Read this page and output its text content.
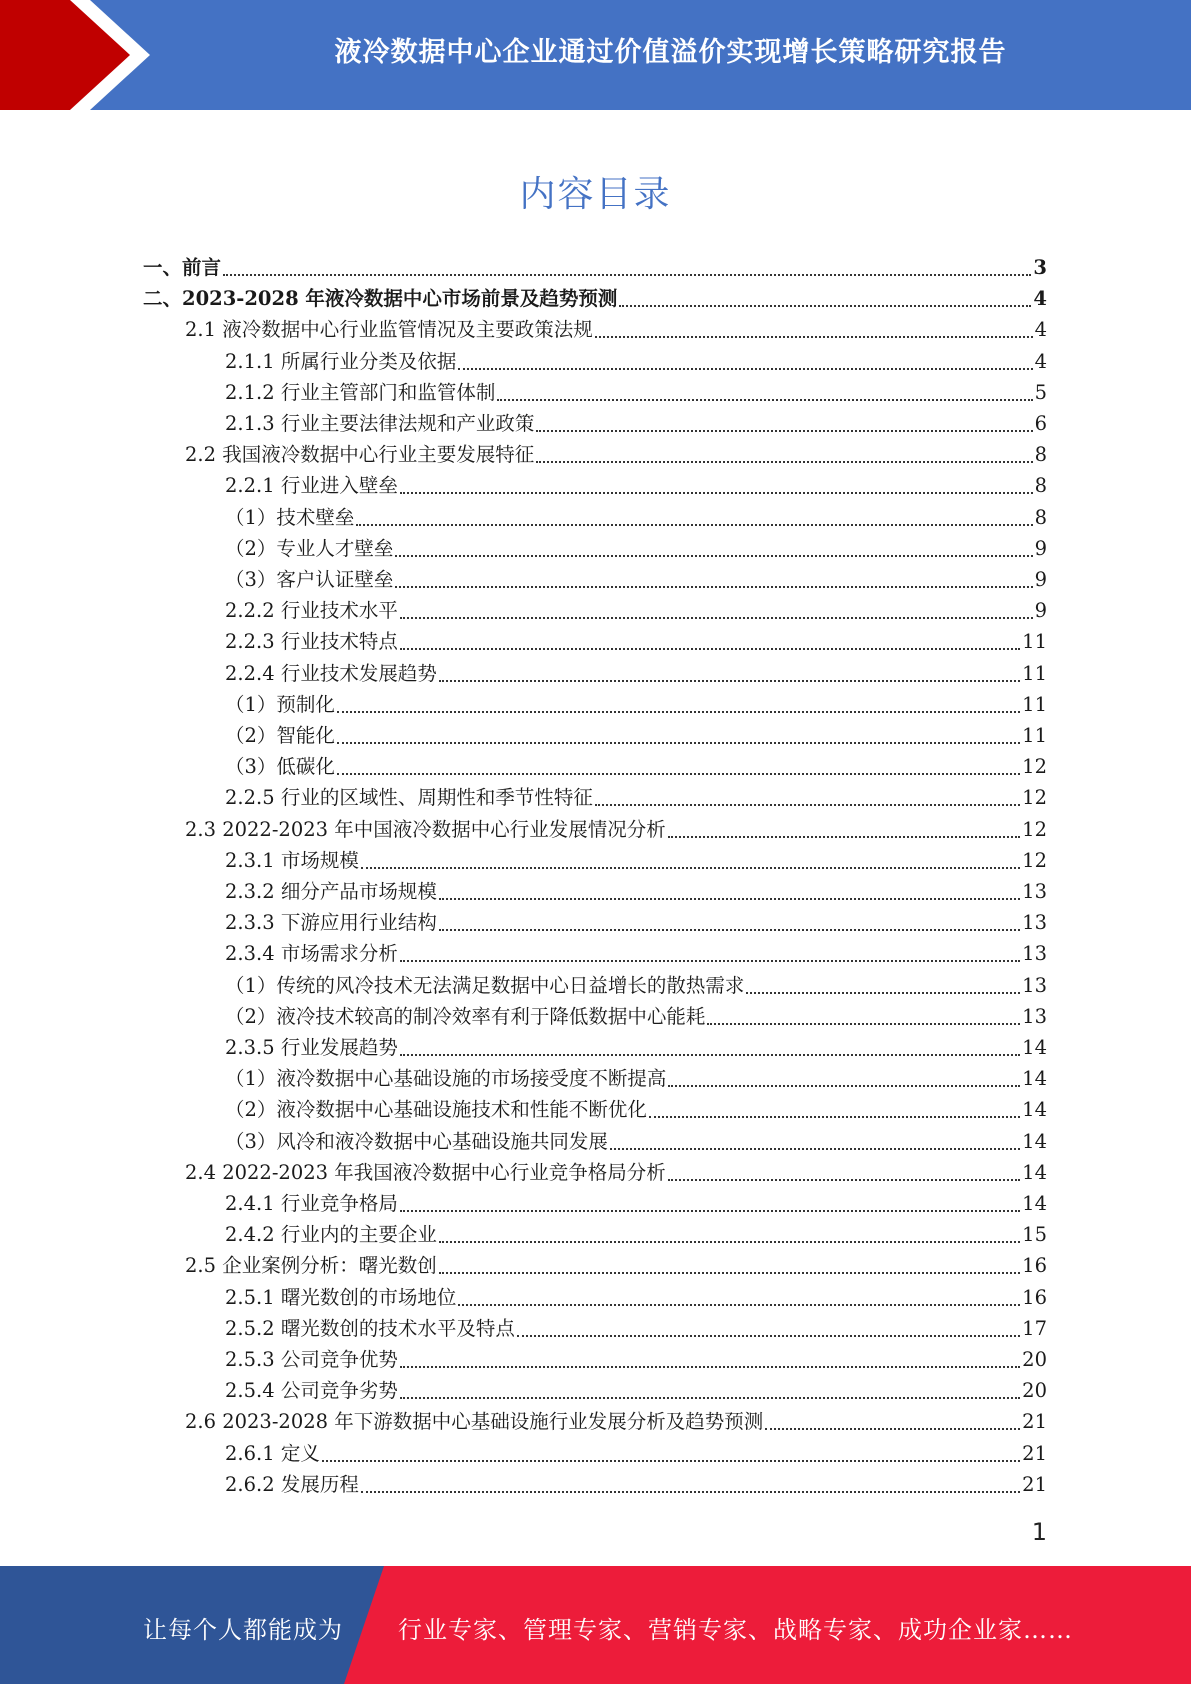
液冷数据中心企业通过价值溢价实现增长策略研究报告
内容目录
一、前言	3
二、2023-2028 年液冷数据中心市场前景及趋势预测	4
2.1 液冷数据中心行业监管情况及主要政策法规	4
2.1.1 所属行业分类及依据	4
2.1.2 行业主管部门和监管体制	5
2.1.3 行业主要法律法规和产业政策	6
2.2 我国液冷数据中心行业主要发展特征	8
2.2.1 行业进入壁垒	8
（1）技术壁垒	8
（2）专业人才壁垒	9
（3）客户认证壁垒	9
2.2.2 行业技术水平	9
2.2.3 行业技术特点	11
2.2.4 行业技术发展趋势	11
（1）预制化	11
（2）智能化	11
（3）低碳化	12
2.2.5 行业的区域性、周期性和季节性特征	12
2.3 2022-2023 年中国液冷数据中心行业发展情况分析	12
2.3.1 市场规模	12
2.3.2 细分产品市场规模	13
2.3.3 下游应用行业结构	13
2.3.4 市场需求分析	13
（1）传统的风冷技术无法满足数据中心日益增长的散热需求	13
（2）液冷技术较高的制冷效率有利于降低数据中心能耗	13
2.3.5 行业发展趋势	14
（1）液冷数据中心基础设施的市场接受度不断提高	14
（2）液冷数据中心基础设施技术和性能不断优化	14
（3）风冷和液冷数据中心基础设施共同发展	14
2.4 2022-2023 年我国液冷数据中心行业竞争格局分析	14
2.4.1 行业竞争格局	14
2.4.2 行业内的主要企业	15
2.5 企业案例分析：曙光数创	16
2.5.1 曙光数创的市场地位	16
2.5.2 曙光数创的技术水平及特点	17
2.5.3 公司竞争优势	20
2.5.4 公司竞争劣势	20
2.6 2023-2028 年下游数据中心基础设施行业发展分析及趋势预测	21
2.6.1 定义	21
2.6.2 发展历程	21
1
让每个人都能成为 行业专家、管理专家、营销专家、战略专家、成功企业家……
